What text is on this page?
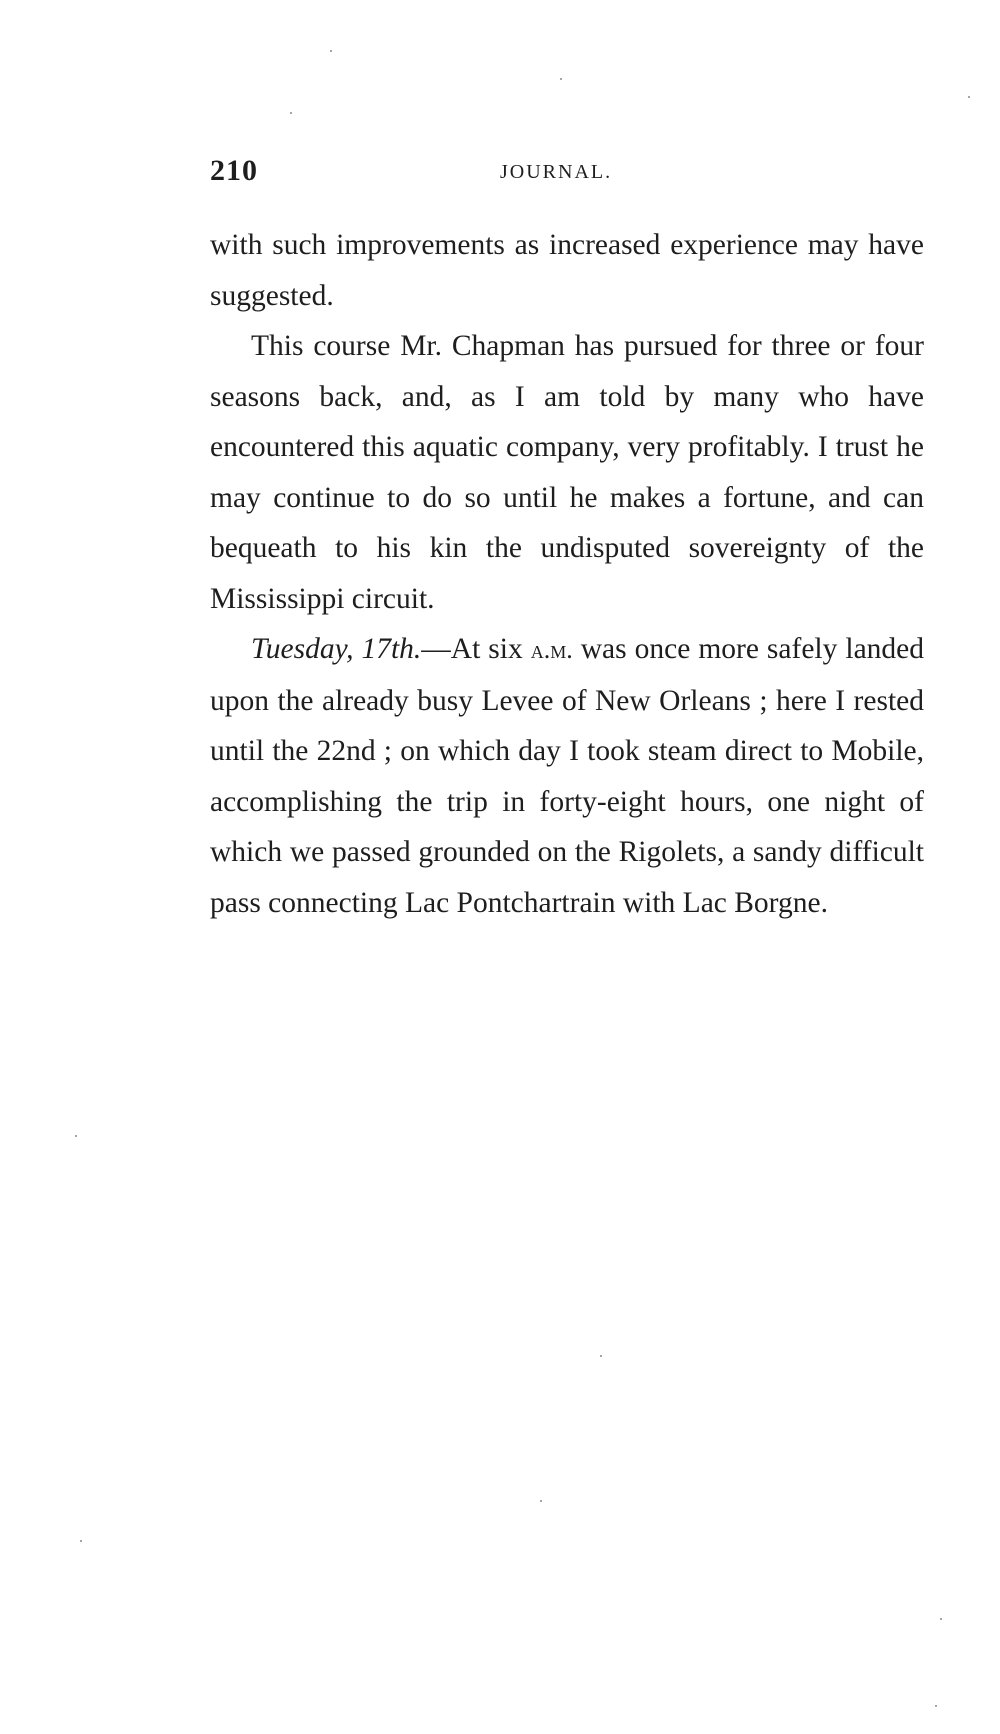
210	JOURNAL.

with such improvements as increased experience may have suggested.

This course Mr. Chapman has pursued for three or four seasons back, and, as I am told by many who have encountered this aquatic company, very profitably. I trust he may continue to do so until he makes a fortune, and can bequeath to his kin the undisputed sovereignty of the Mississippi circuit.

Tuesday, 17th.—At six a.m. was once more safely landed upon the already busy Levee of New Orleans ; here I rested until the 22nd ; on which day I took steam direct to Mobile, accomplishing the trip in forty-eight hours, one night of which we passed grounded on the Rigolets, a sandy difficult pass connecting Lac Pontchartrain with Lac Borgne.
